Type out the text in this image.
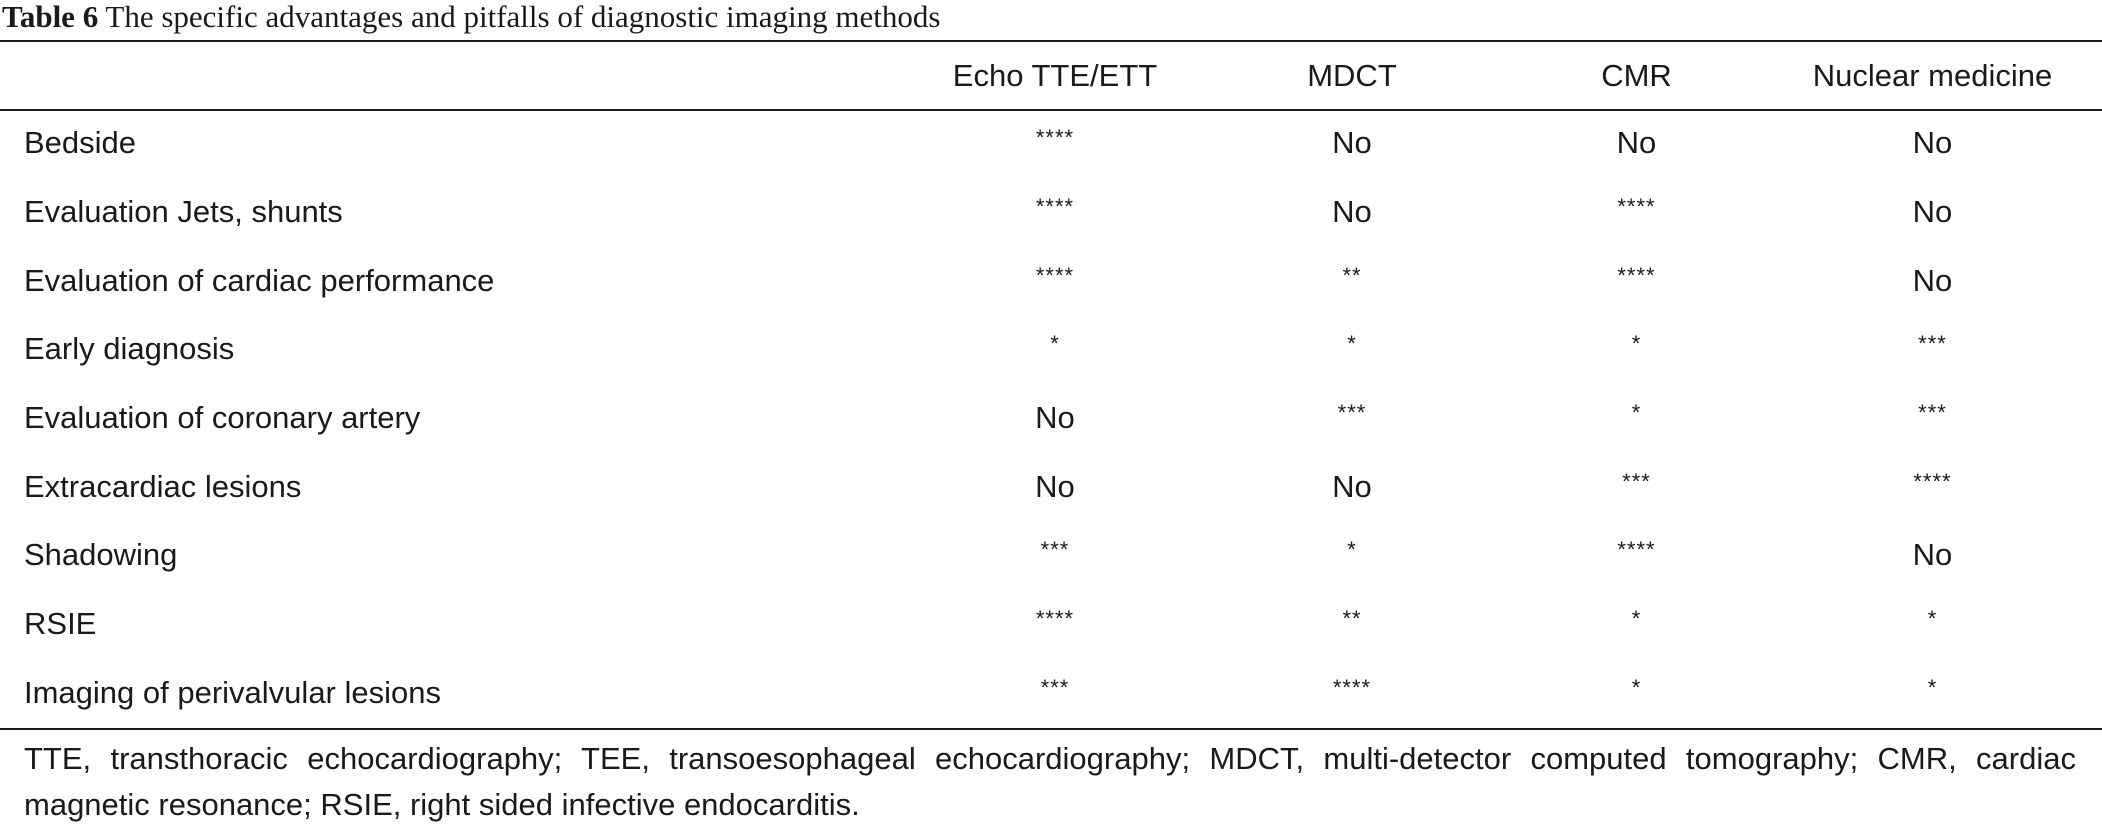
Table 6 The specific advantages and pitfalls of diagnostic imaging methods
	Echo TTE/ETT	MDCT	CMR	Nuclear medicine
Bedside	****	No	No	No
Evaluation Jets, shunts	****	No	****	No
Evaluation of cardiac performance	****	**	****	No
Early diagnosis	*	*	*	***
Evaluation of coronary artery	No	***	*	***
Extracardiac lesions	No	No	***	****
Shadowing	***	*	****	No
RSIE	****	**	*	*
Imaging of perivalvular lesions	***	****	*	*
TTE, transthoracic echocardiography; TEE, transoesophageal echocardiography; MDCT, multi-detector computed tomography; CMR, cardiac magnetic resonance; RSIE, right sided infective endocarditis.
